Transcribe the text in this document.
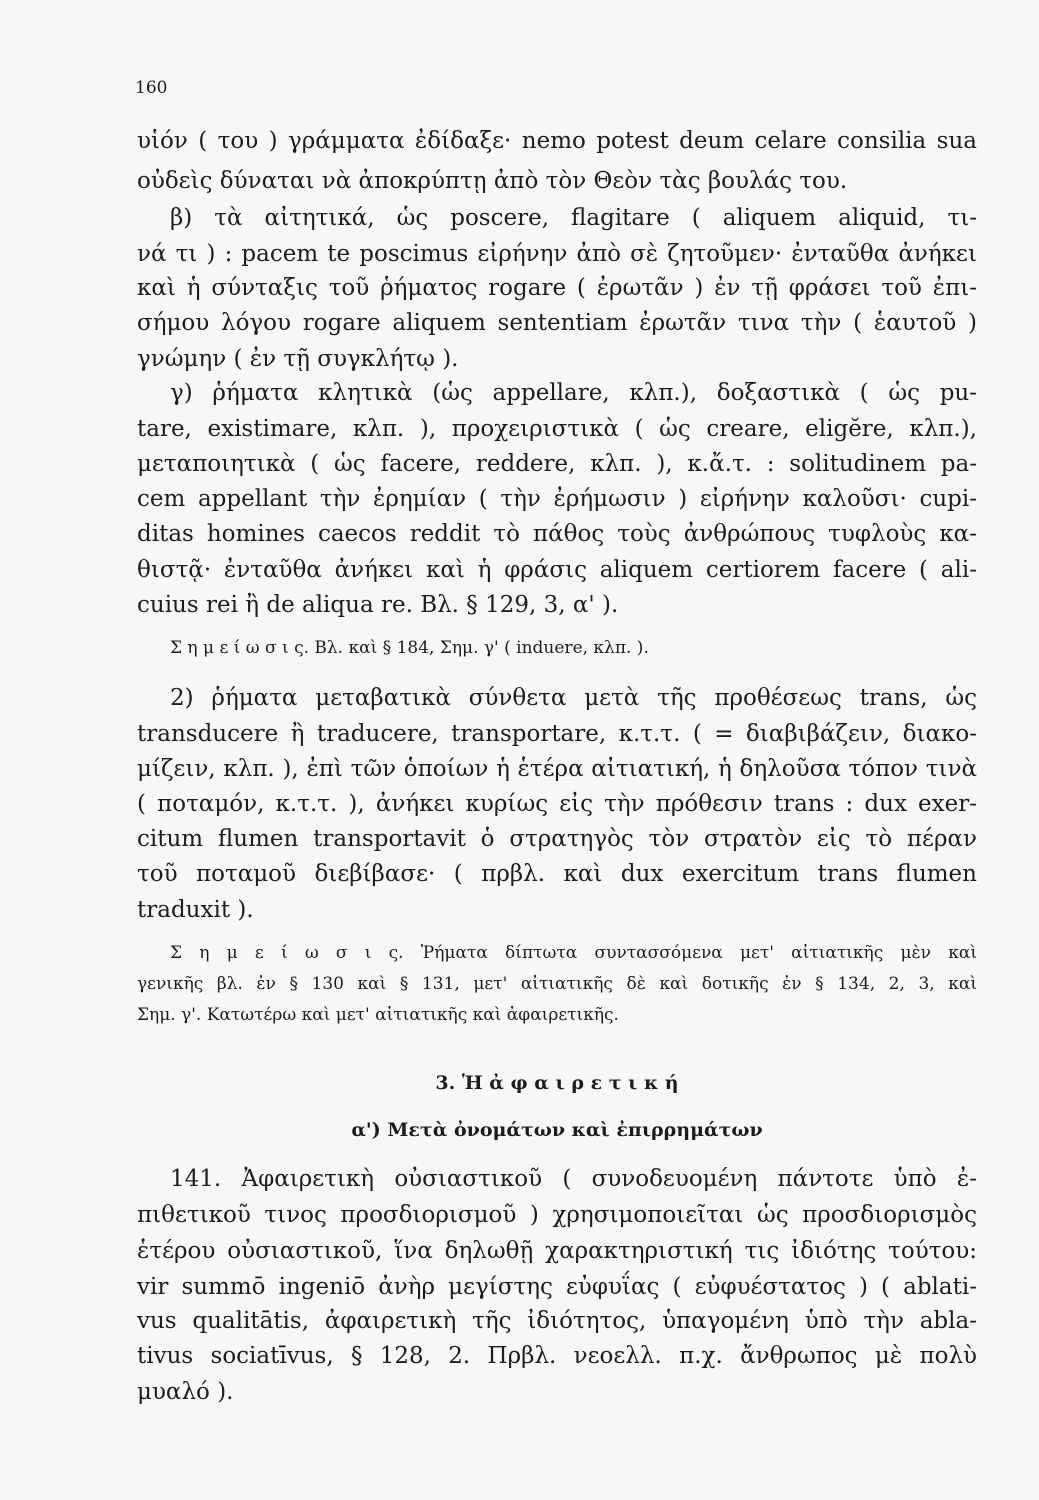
160
υἱόν ( του ) γράμματα ἐδίδαξε· nemo potest deum celare consilia sua
οὐδεὶς δύναται νὰ ἀποκρύπτῃ ἀπὸ τὸν Θεὸν τὰς βουλάς του.
β) τὰ αἰτητικά, ὡς poscere, flagitare ( aliquem aliquid, τι-
νά τι ) : pacem te poscimus εἰρήνην ἀπὸ σὲ ζητοῦμεν· ἐνταῦθα ἀνήκει
καὶ ἡ σύνταξις τοῦ ῥήματος rogare ( ἐρωτᾶν ) ἐν τῇ φράσει τοῦ ἐπι-
σήμου λόγου rogare aliquem sententiam ἐρωτᾶν τινα τὴν ( ἑαυτοῦ )
γνώμην ( ἐν τῇ συγκλήτῳ ).
γ) ῥήματα κλητικὰ (ὡς appellare, κλπ.), δοξαστικὰ ( ὡς pu-
tare, existimare, κλπ. ), προχειριστικὰ ( ὡς creare, eligĕre, κλπ.),
μεταποιητικὰ ( ὡς facere, reddere, κλπ. ), κ.ἄ.τ. : solitudinem pa-
cem appellant τὴν ἐρημίαν ( τὴν ἐρήμωσιν ) εἰρήνην καλοῦσι· cupi-
ditas homines caecos reddit τὸ πάθος τοὺς ἀνθρώπους τυφλοὺς κα-
θιστᾷ· ἐνταῦθα ἀνήκει καὶ ἡ φράσις aliquem certiorem facere ( ali-
cuius rei ἢ de aliqua re. Βλ. § 129, 3, α' ).
Σ η μ ε ί ω σ ι ς. Βλ. καὶ § 184, Σημ. γ' ( induere, κλπ. ).
2) ῥήματα μεταβατικὰ σύνθετα μετὰ τῆς προθέσεως trans, ὡς
transducere ἢ traducere, transportare, κ.τ.τ. ( = διαβιβάζειν, διακο-
μίζειν, κλπ. ), ἐπὶ τῶν ὁποίων ἡ ἑτέρα αἰτιατική, ἡ δηλοῦσα τόπον τινὰ
( ποταμόν, κ.τ.τ. ), ἀνήκει κυρίως εἰς τὴν πρόθεσιν trans : dux exer-
citum flumen transportavit ὁ στρατηγὸς τὸν στρατὸν εἰς τὸ πέραν
τοῦ ποταμοῦ διεβίβασε· ( πρβλ. καὶ dux exercitum trans flumen
traduxit ).
Σ η μ ε ί ω σ ι ς. Ῥήματα δίπτωτα συντασσόμενα μετ' αἰτιατικῆς μὲν καὶ
γενικῆς βλ. ἐν § 130 καὶ § 131, μετ' αἰτιατικῆς δὲ καὶ δοτικῆς ἐν § 134, 2, 3, καὶ
Σημ. γ'. Κατωτέρω καὶ μετ' αἰτιατικῆς καὶ ἀφαιρετικῆς.
3. Ἡ ἀ φ α ι ρ ε τ ι κ ή
α') Μετὰ ὀνομάτων καὶ ἐπιρρημάτων
141. Ἀφαιρετικὴ οὐσιαστικοῦ ( συνοδευομένη πάντοτε ὑπὸ ἐ-
πιθετικοῦ τινος προσδιορισμοῦ ) χρησιμοποιεῖται ὡς προσδιορισμὸς
ἑτέρου οὐσιαστικοῦ, ἵνα δηλωθῇ χαρακτηριστική τις ἰδιότης τούτου:
vir summō ingeniō ἀνὴρ μεγίστης εὐφυΐας ( εὐφυέστατος ) ( ablati-
vus qualitātis, ἀφαιρετικὴ τῆς ἰδιότητος, ὑπαγομένη ὑπὸ τὴν abla-
tivus sociatīvus, § 128, 2. Πρβλ. νεοελλ. π.χ. ἄνθρωπος μὲ πολὺ
μυαλό ).
